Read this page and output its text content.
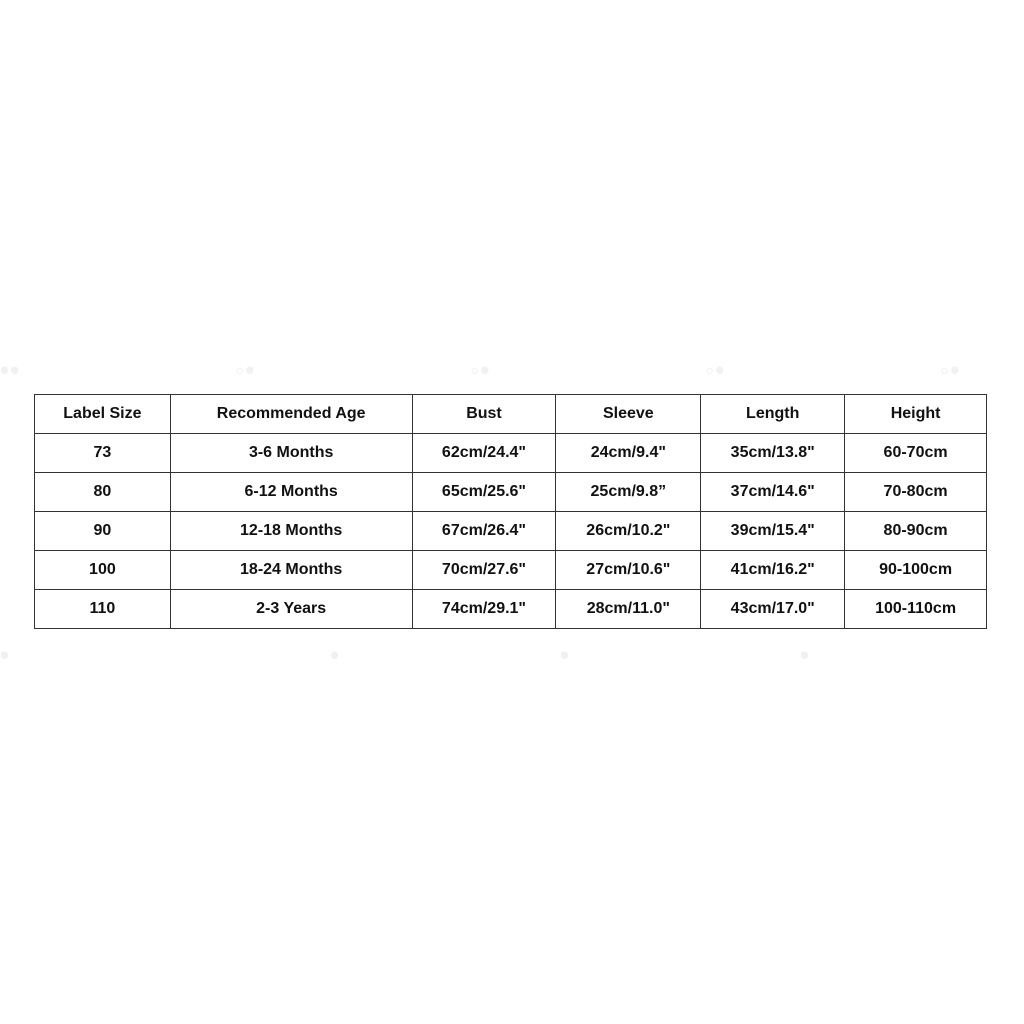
••	◦•	◦•	◦•	◦•
•	•	•	•
Label Size	Recommended Age	Bust	Sleeve	Length	Height
73	3-6 Months	62cm/24.4"	24cm/9.4"	35cm/13.8"	60-70cm
80	6-12 Months	65cm/25.6"	25cm/9.8”	37cm/14.6"	70-80cm
90	12-18 Months	67cm/26.4"	26cm/10.2"	39cm/15.4"	80-90cm
100	18-24 Months	70cm/27.6"	27cm/10.6"	41cm/16.2"	90-100cm
110	2-3 Years	74cm/29.1"	28cm/11.0"	43cm/17.0"	100-110cm
